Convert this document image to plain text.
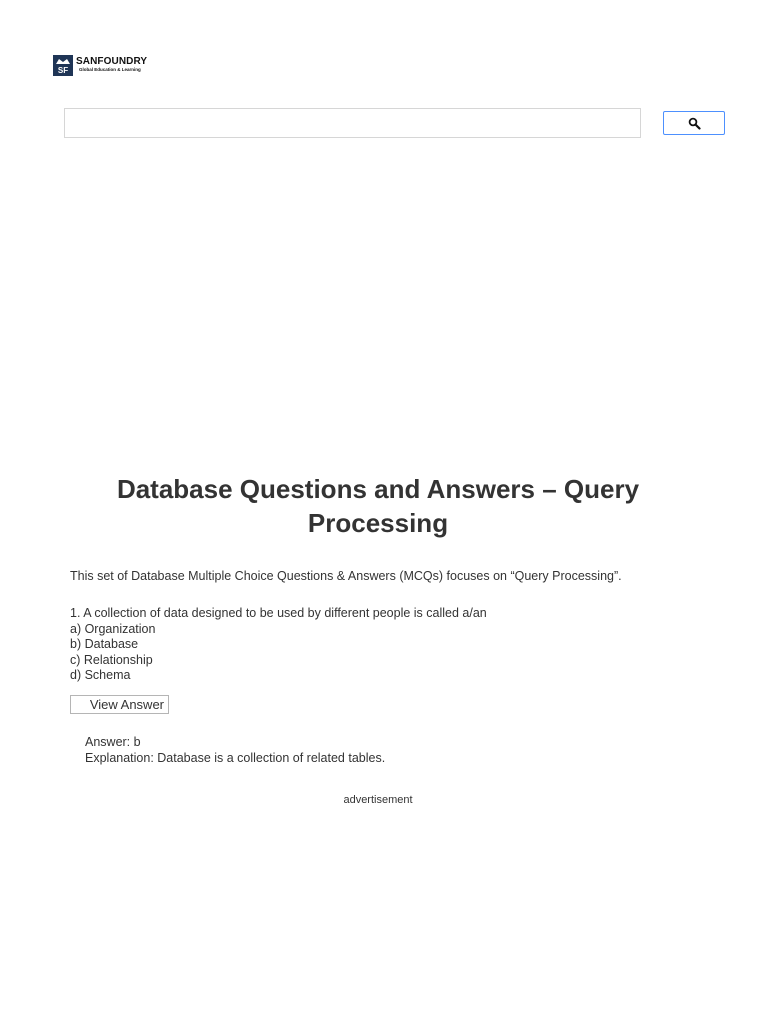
SF
SANFOUNDRY
Global Education & Learning
Database Questions and Answers – Query Processing

This set of Database Multiple Choice Questions & Answers (MCQs) focuses on “Query Processing”.

1. A collection of data designed to be used by different people is called a/an
a) Organization
b) Database
c) Relationship
d) Schema
View Answer
Answer: b
Explanation: Database is a collection of related tables.
advertisement
